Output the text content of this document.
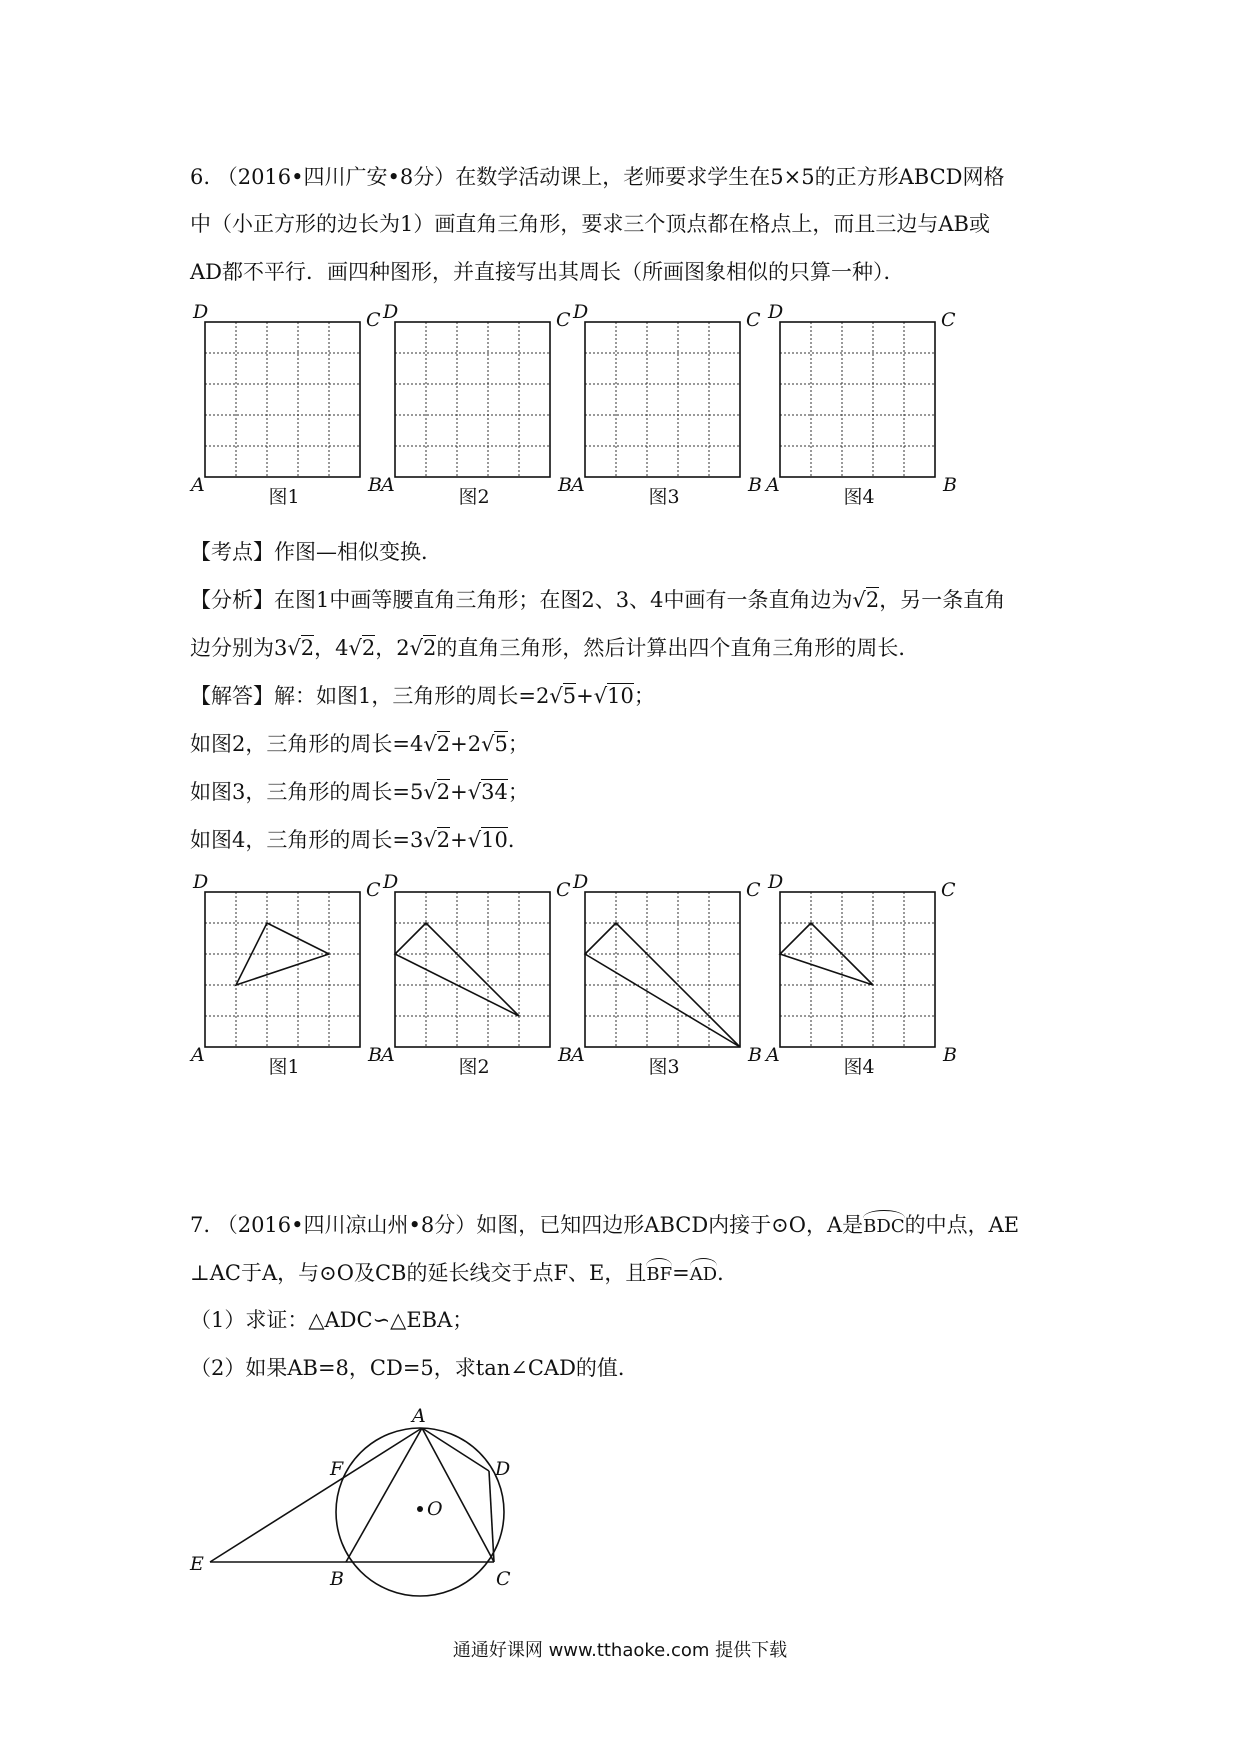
6. （2016•四川广安•8分）在数学活动课上，老师要求学生在5×5的正方形ABCD网格
中（小正方形的边长为1）画直角三角形，要求三个顶点都在格点上，而且三边与AB或
AD都不平行．画四种图形，并直接写出其周长（所画图象相似的只算一种）．
D	C
A	B
图1
D	C
A	B
图2
D	C
A	B
图3
D	C
A	B
图4
【考点】作图—相似变换．
【分析】在图1中画等腰直角三角形；在图2、3、4中画有一条直角边为√2，另一条直角
边分别为3√2，4√2，2√2的直角三角形，然后计算出四个直角三角形的周长．
【解答】解：如图1，三角形的周长=2√5+√10；
如图2，三角形的周长=4√2+2√5；
如图3，三角形的周长=5√2+√34；
如图4，三角形的周长=3√2+√10．
D	C
A	B
图1
D	C
A	B
图2
D	C
A	B
图3
D	C
A	B
图4
7. （2016•四川凉山州•8分）如图，已知四边形ABCD内接于⊙O，A是BDC的中点，AE
⊥AC于A，与⊙O及CB的延长线交于点F、E，且BF=AD．
（1）求证：△ADC∽△EBA；
（2）如果AB=8，CD=5，求tan∠CAD的值．
A
D
F
O
E
B	C
通通好课网 www.tthaoke.com 提供下载
